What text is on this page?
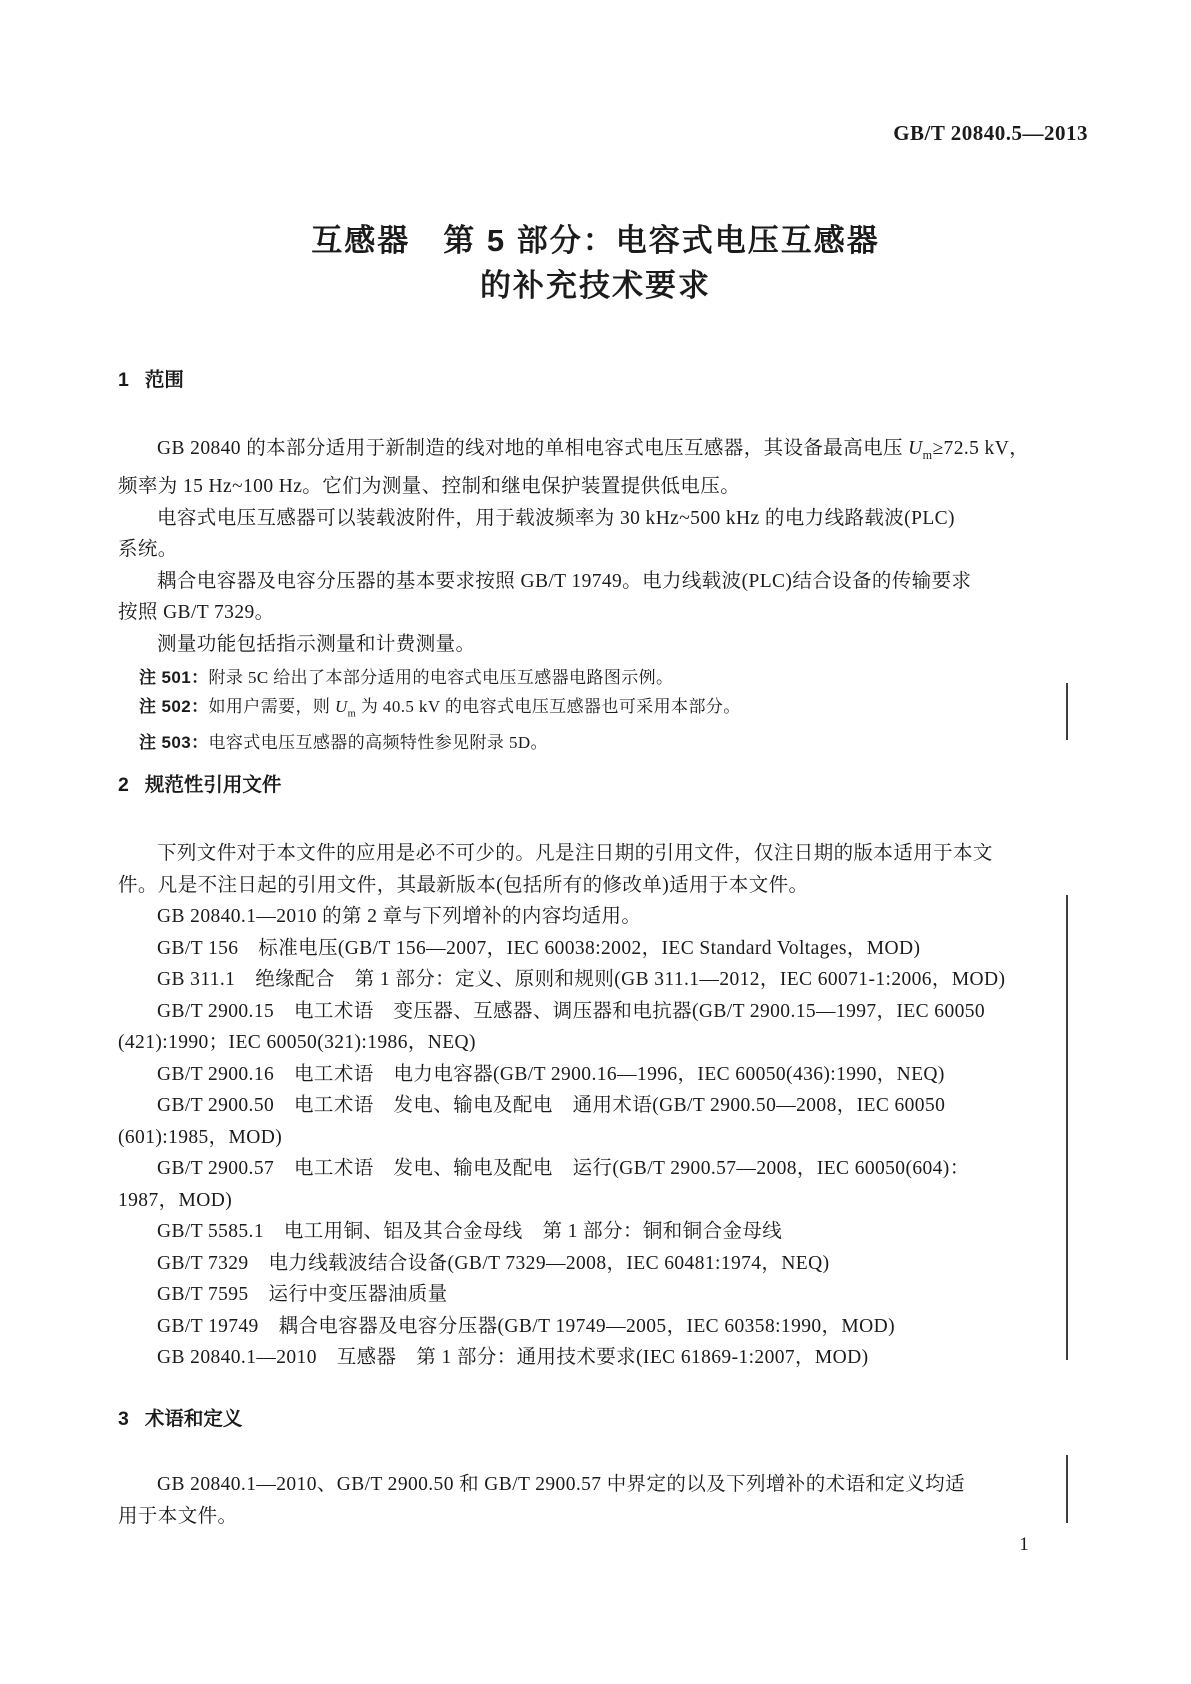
GB/T 20840.5—2013
互感器　第 5 部分：电容式电压互感器
的补充技术要求
1 范围
GB 20840 的本部分适用于新制造的线对地的单相电容式电压互感器，其设备最高电压 $U_m\ge 72.5$ kV，
频率为 15 Hz~100 Hz。它们为测量、控制和继电保护装置提供低电压。
电容式电压互感器可以装载波附件，用于载波频率为 30 kHz~500 kHz 的电力线路载波(PLC)
系统。
耦合电容器及电容分压器的基本要求按照 GB/T 19749。电力线载波(PLC)结合设备的传输要求
按照 GB/T 7329。
测量功能包括指示测量和计费测量。
注 501：附录 5C 给出了本部分适用的电容式电压互感器电路图示例。
注 502：如用户需要，则 $U_m$ 为 40.5 kV 的电容式电压互感器也可采用本部分。
注 503：电容式电压互感器的高频特性参见附录 5D。
2 规范性引用文件
下列文件对于本文件的应用是必不可少的。凡是注日期的引用文件，仅注日期的版本适用于本文
件。凡是不注日起的引用文件，其最新版本(包括所有的修改单)适用于本文件。
GB 20840.1—2010 的第 2 章与下列增补的内容均适用。
GB/T 156　标准电压(GB/T 156—2007，IEC 60038:2002，IEC Standard Voltages，MOD)
GB 311.1　绝缘配合　第 1 部分：定义、原则和规则(GB 311.1—2012，IEC 60071-1:2006，MOD)
GB/T 2900.15　电工术语　变压器、互感器、调压器和电抗器(GB/T 2900.15—1997，IEC 60050
(421):1990；IEC 60050(321):1986，NEQ)
GB/T 2900.16　电工术语　电力电容器(GB/T 2900.16—1996，IEC 60050(436):1990，NEQ)
GB/T 2900.50　电工术语　发电、输电及配电　通用术语(GB/T 2900.50—2008，IEC 60050
(601):1985，MOD)
GB/T 2900.57　电工术语　发电、输电及配电　运行(GB/T 2900.57—2008，IEC 60050(604)：
1987，MOD)
GB/T 5585.1　电工用铜、铝及其合金母线　第 1 部分：铜和铜合金母线
GB/T 7329　电力线载波结合设备(GB/T 7329—2008，IEC 60481:1974，NEQ)
GB/T 7595　运行中变压器油质量
GB/T 19749　耦合电容器及电容分压器(GB/T 19749—2005，IEC 60358:1990，MOD)
GB 20840.1—2010　互感器　第 1 部分：通用技术要求(IEC 61869-1:2007，MOD)
3 术语和定义
GB 20840.1—2010、GB/T 2900.50 和 GB/T 2900.57 中界定的以及下列增补的术语和定义均适
用于本文件。
1
